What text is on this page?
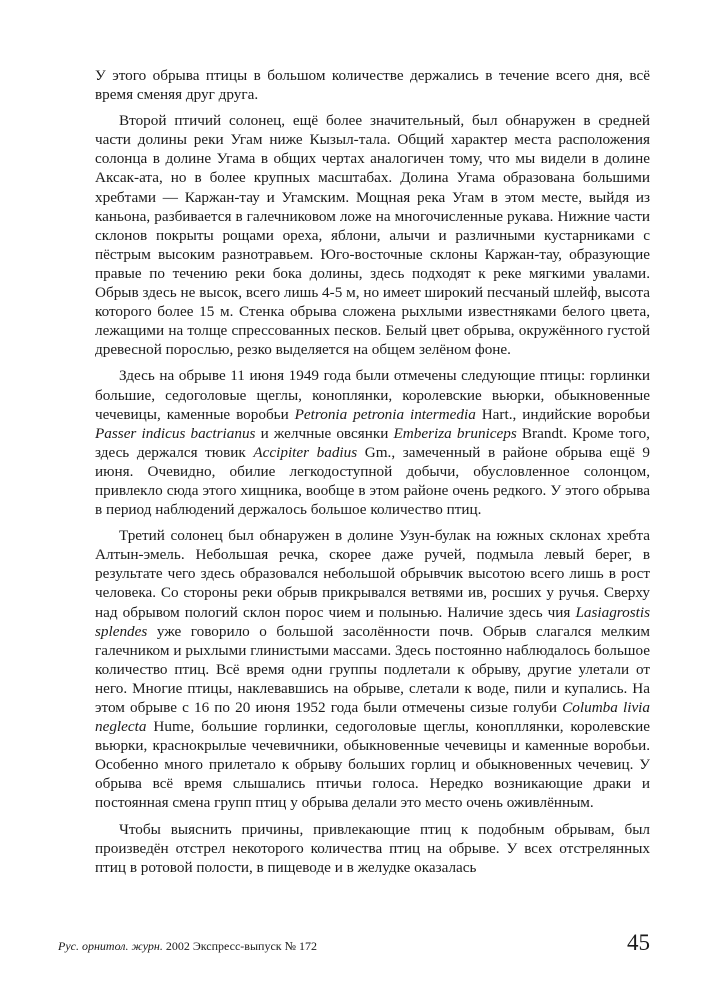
У этого обрыва птицы в большом количестве держались в течение всего дня, всё время сменяя друг друга.

Второй птичий солонец, ещё более значительный, был обнаружен в средней части долины реки Угам ниже Кызыл-тала. Общий характер места расположения солонца в долине Угама в общих чертах аналогичен тому, что мы видели в долине Аксак-ата, но в более крупных масштабах. Долина Угама образована большими хребтами — Каржан-тау и Угамским. Мощная река Угам в этом месте, выйдя из каньона, разбивается в галечниковом ложе на многочисленные рукава. Нижние части склонов покрыты рощами ореха, яблони, алычи и различными кустарниками с пёстрым высоким разнотравьем. Юго-восточные склоны Каржан-тау, образующие правые по течению реки бока долины, здесь подходят к реке мягкими увалами. Обрыв здесь не высок, всего лишь 4-5 м, но имеет широкий песчаный шлейф, высота которого более 15 м. Стенка обрыва сложена рыхлыми известняками белого цвета, лежащими на толще спрессованных песков. Белый цвет обрыва, окружённого густой древесной порослью, резко выделяется на общем зелёном фоне.

Здесь на обрыве 11 июня 1949 года были отмечены следующие птицы: горлинки большие, седоголовые щеглы, коноплянки, королевские вьюрки, обыкновенные чечевицы, каменные воробьи Petronia petronia intermedia Hart., индийские воробьи Passer indicus bactrianus и желчные овсянки Emberiza bruniceps Brandt. Кроме того, здесь держался тювик Accipiter badius Gm., замеченный в районе обрыва ещё 9 июня. Очевидно, обилие легкодоступной добычи, обусловленное солонцом, привлекло сюда этого хищника, вообще в этом районе очень редкого. У этого обрыва в период наблюдений держалось большое количество птиц.

Третий солонец был обнаружен в долине Узун-булак на южных склонах хребта Алтын-эмель. Небольшая речка, скорее даже ручей, подмыла левый берег, в результате чего здесь образовался небольшой обрывчик высотою всего лишь в рост человека. Со стороны реки обрыв прикрывался ветвями ив, росших у ручья. Сверху над обрывом пологий склон порос чием и полынью. Наличие здесь чия Lasiagrostis splendes уже говорило о большой засолённости почв. Обрыв слагался мелким галечником и рыхлыми глинистыми массами. Здесь постоянно наблюдалось большое количество птиц. Всё время одни группы подлетали к обрыву, другие улетали от него. Многие птицы, наклевавшись на обрыве, слетали к воде, пили и купались. На этом обрыве с 16 по 20 июня 1952 года были отмечены сизые голуби Columba livia neglecta Hume, большие горлинки, седоголовые щеглы, конопллянки, королевские вьюрки, краснокрылые чечевичники, обыкновенные чечевицы и каменные воробьи. Особенно много прилетало к обрыву больших горлиц и обыкновенных чечевиц. У обрыва всё время слышались птичьи голоса. Нередко возникающие драки и постоянная смена групп птиц у обрыва делали это место очень оживлённым.

Чтобы выяснить причины, привлекающие птиц к подобным обрывам, был произведён отстрел некоторого количества птиц на обрыве. У всех отстрелянных птиц в ротовой полости, в пищеводе и в желудке оказалась

Рус. орнитол. журн. 2002 Экспресс-выпуск № 172	45
